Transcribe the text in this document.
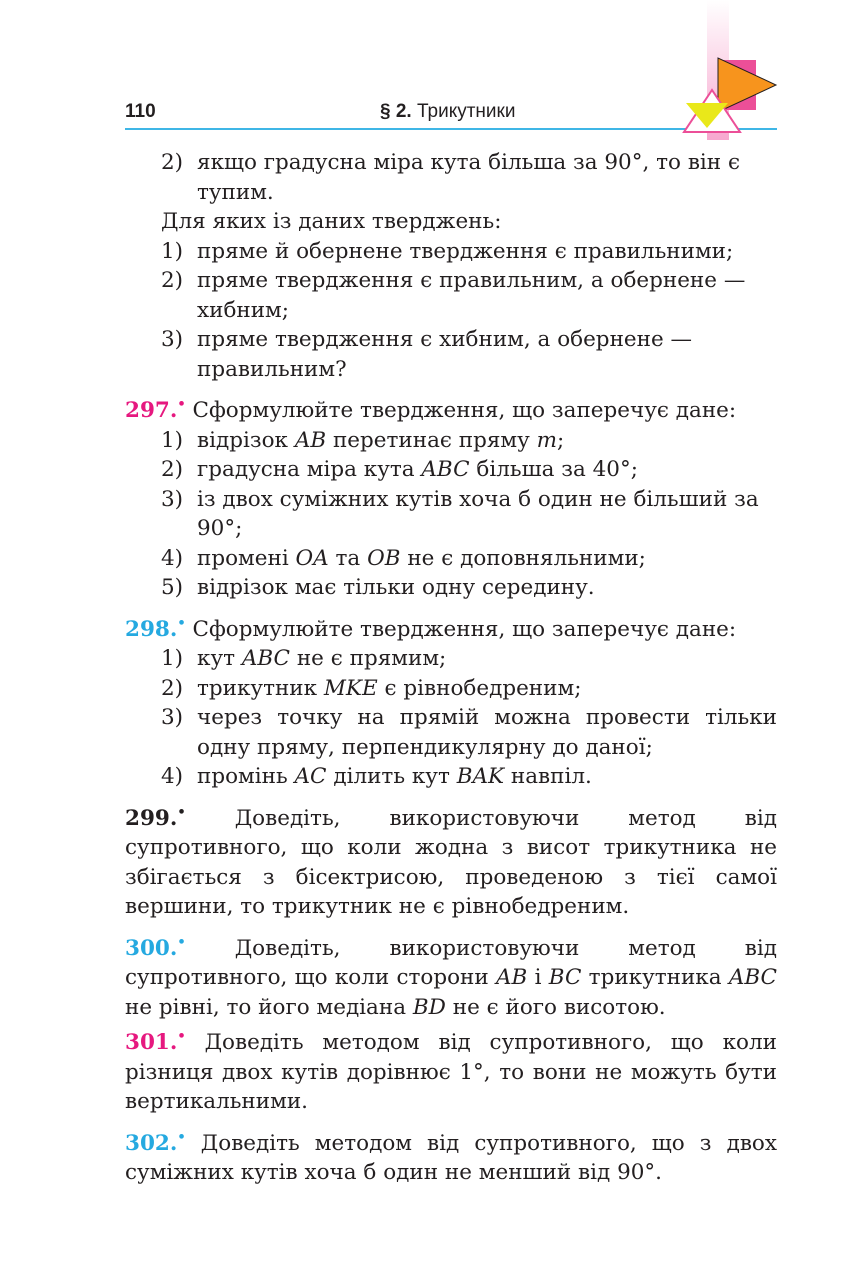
110	§ 2. Трикутники
2) якщо градусна міра кута більша за 90°, то він є тупим.
Для яких із даних тверджень:
1) пряме й обернене твердження є правильними;
2) пряме твердження є правильним, а обернене — хибним;
3) пряме твердження є хибним, а обернене — правильним?
297.• Сформулюйте твердження, що заперечує дане:
1) відрізок AB перетинає пряму m;
2) градусна міра кута ABC більша за 40°;
3) із двох суміжних кутів хоча б один не більший за 90°;
4) промені OA та OB не є доповняльними;
5) відрізок має тільки одну середину.
298.• Сформулюйте твердження, що заперечує дане:
1) кут ABC не є прямим;
2) трикутник MKE є рівнобедреним;
3) через точку на прямій можна провести тільки одну пряму, перпендикулярну до даної;
4) промінь AC ділить кут BAK навпіл.
299.• Доведіть, використовуючи метод від супротивного, що коли жодна з висот трикутника не збігається з бісектрисою, проведеною з тієї самої вершини, то трикутник не є рівнобедреним.
300.• Доведіть, використовуючи метод від супротивного, що коли сторони AB і BC трикутника ABC не рівні, то його медіана BD не є його висотою.
301.• Доведіть методом від супротивного, що коли різниця двох кутів дорівнює 1°, то вони не можуть бути вертикальними.
302.• Доведіть методом від супротивного, що з двох суміжних кутів хоча б один не менший від 90°.
